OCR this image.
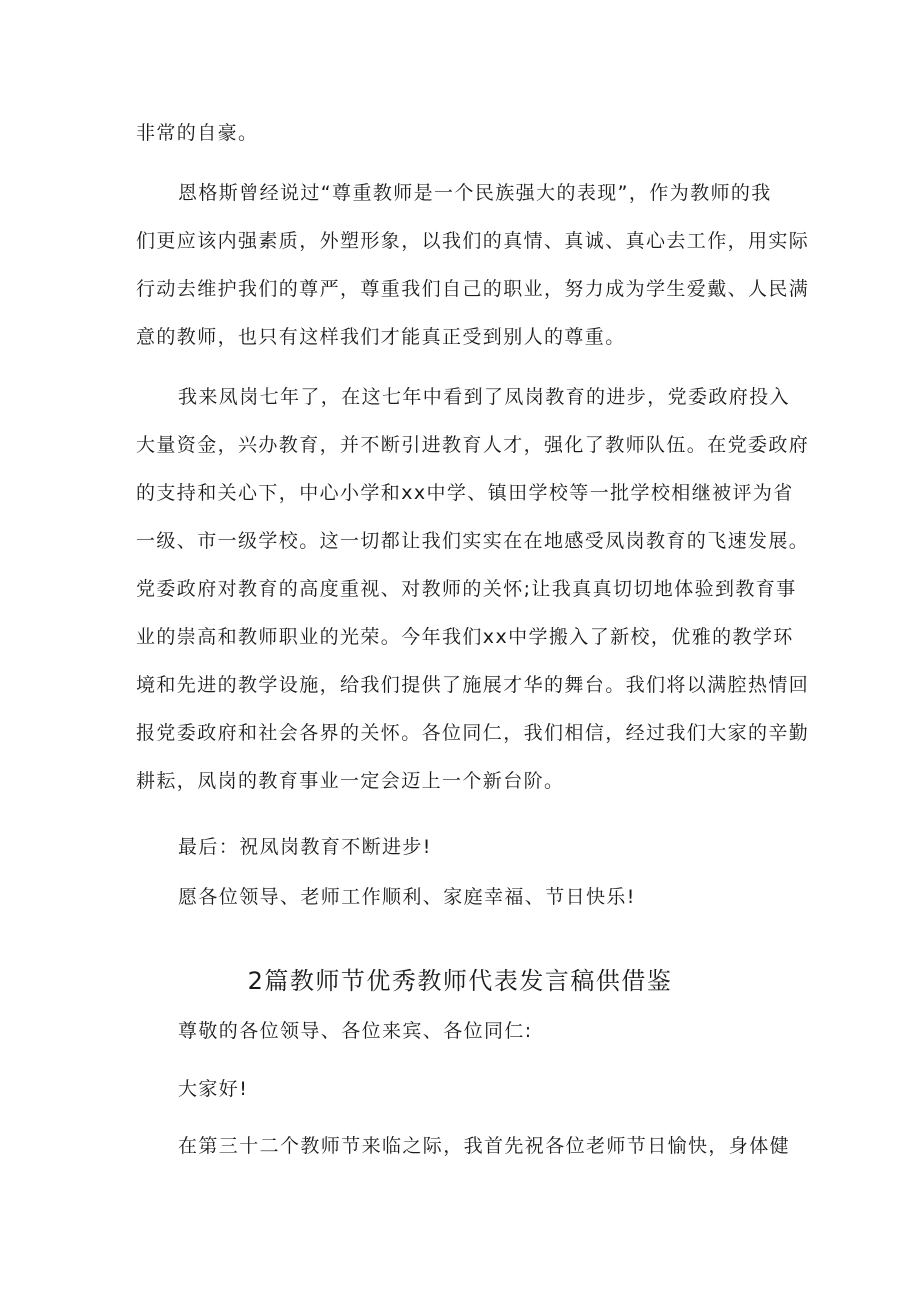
非常的自豪。
恩格斯曾经说过“尊重教师是一个民族强大的表现”，作为教师的我
们更应该内强素质，外塑形象，以我们的真情、真诚、真心去工作，用实际
行动去维护我们的尊严，尊重我们自己的职业，努力成为学生爱戴、人民满
意的教师，也只有这样我们才能真正受到别人的尊重。
我来凤岗七年了，在这七年中看到了凤岗教育的进步，党委政府投入
大量资金，兴办教育，并不断引进教育人才，强化了教师队伍。在党委政府
的支持和关心下，中心小学和xx中学、镇田学校等一批学校相继被评为省
一级、市一级学校。这一切都让我们实实在在地感受凤岗教育的飞速发展。
党委政府对教育的高度重视、对教师的关怀;让我真真切切地体验到教育事
业的崇高和教师职业的光荣。今年我们xx中学搬入了新校，优雅的教学环
境和先进的教学设施，给我们提供了施展才华的舞台。我们将以满腔热情回
报党委政府和社会各界的关怀。各位同仁，我们相信，经过我们大家的辛勤
耕耘，凤岗的教育事业一定会迈上一个新台阶。
最后：祝凤岗教育不断进步!
愿各位领导、老师工作顺利、家庭幸福、节日快乐!
2篇教师节优秀教师代表发言稿供借鉴
尊敬的各位领导、各位来宾、各位同仁:
大家好!
在第三十二个教师节来临之际，我首先祝各位老师节日愉快，身体健
